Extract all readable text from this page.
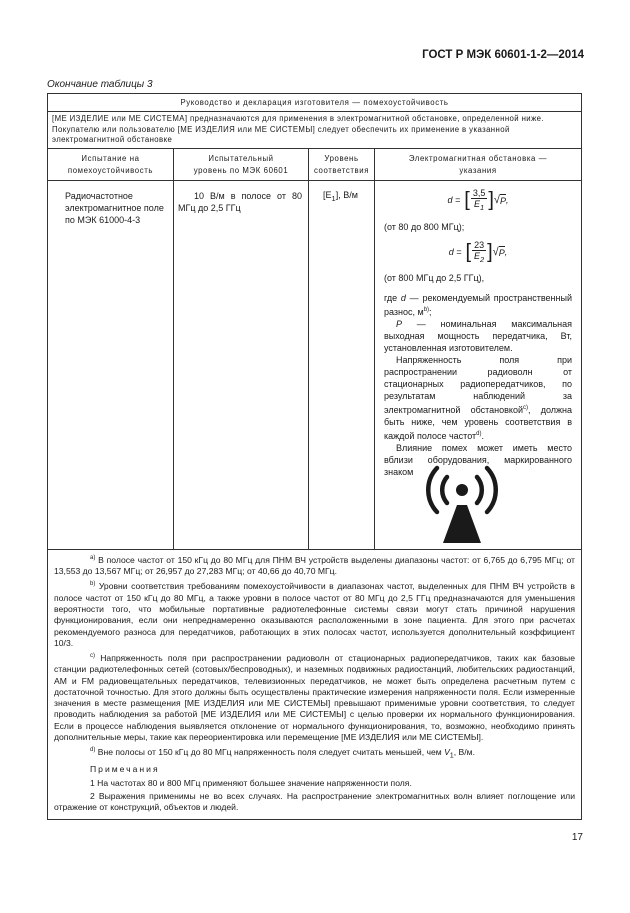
ГОСТ Р МЭК 60601-1-2—2014
Окончание таблицы 3
Руководство и декларация изготовителя — помехоустойчивость
[МЕ ИЗДЕЛИЕ или МЕ СИСТЕМА] предназначаются для применения в электромагнитной обстановке, определенной ниже. Покупателю или пользователю [МЕ ИЗДЕЛИЯ или МЕ СИСТЕМЫ] следует обеспечить их применение в указанной электромагнитной обстановке
Испытание на помехоустойчивость
Испытательный уровень по МЭК 60601
Уровень соответствия
Электромагнитная обстановка — указания
Радиочастотное электромагнитное поле по МЭК 61000-4-3
10 В/м в полосе от 80 МГц до 2,5 ГГц
$[E_1]$, В/м	d = [ $\frac{3,5}{E_1}$ ] √ P ,
(от 80 до 800 МГц);
d = [ $\frac{23}{E_2}$ ] √ P ,
(от 800 МГц до 2,5 ГГц),
где d — рекомендуемый пространственный разнос, $м^{b)}$;
P — номинальная максимальная выходная мощность передатчика, Вт, установленная изготовителем.
Напряженность поля при распространении радиоволн от стационарных радиопередатчиков, по результатам наблюдений за электромагнитной обстановкой$^{c)}$, должна быть ниже, чем уровень соответствия в каждой полосе частот$^{d)}$.
Влияние помех может иметь место вблизи оборудования, маркированного знаком

$^{a)}$ В полосе частот от 150 кГц до 80 МГц для ПНМ ВЧ устройств выделены диапазоны частот: от 6,765 до 6,795 МГц; от 13,553 до 13,567 МГц; от 26,957 до 27,283 МГц; от 40,66 до 40,70 МГц.

$^{b)}$ Уровни соответствия требованиям помехоустойчивости в диапазонах частот, выделенных для ПНМ ВЧ устройств в полосе частот от 150 кГц до 80 МГц, а также уровни в полосе частот от 80 МГц до 2,5 ГГц предназначаются для уменьшения вероятности того, что мобильные портативные радиотелефонные системы связи могут стать причиной нарушения функционирования, если они непреднамеренно оказываются расположенными в зоне пациента. Для этого при расчетах рекомендуемого разноса для передатчиков, работающих в этих полосах частот, используется дополнительный коэффициент 10/3.

$^{c)}$ Напряженность поля при распространении радиоволн от стационарных радиопередатчиков, таких как базовые станции радиотелефонных сетей (сотовых/беспроводных), и наземных подвижных радиостанций, любительских радиостанций, АМ и FM радиовещательных передатчиков, телевизионных передатчиков, не может быть определена расчетным путем с достаточной точностью. Для этого должны быть осуществлены практические измерения напряженности поля. Если измеренные значения в месте размещения [МЕ ИЗДЕЛИЯ или МЕ СИСТЕМЫ] превышают применимые уровни соответствия, то следует проводить наблюдения за работой [МЕ ИЗДЕЛИЯ или МЕ СИСТЕМЫ] с целью проверки их нормального функционирования. Если в процессе наблюдения выявляется отклонение от нормального функционирования, то, возможно, необходимо принять дополнительные меры, такие как переориентировка или перемещение [МЕ ИЗДЕЛИЯ или МЕ СИСТЕМЫ].

$^{d)}$ Вне полосы от 150 кГц до 80 МГц напряженность поля следует считать меньшей, чем $V_1$, В/м.

Примечания

1 На частотах 80 и 800 МГц применяют большее значение напряженности поля.

2 Выражения применимы не во всех случаях. На распространение электромагнитных волн влияет поглощение или отражение от конструкций, объектов и людей.

17
